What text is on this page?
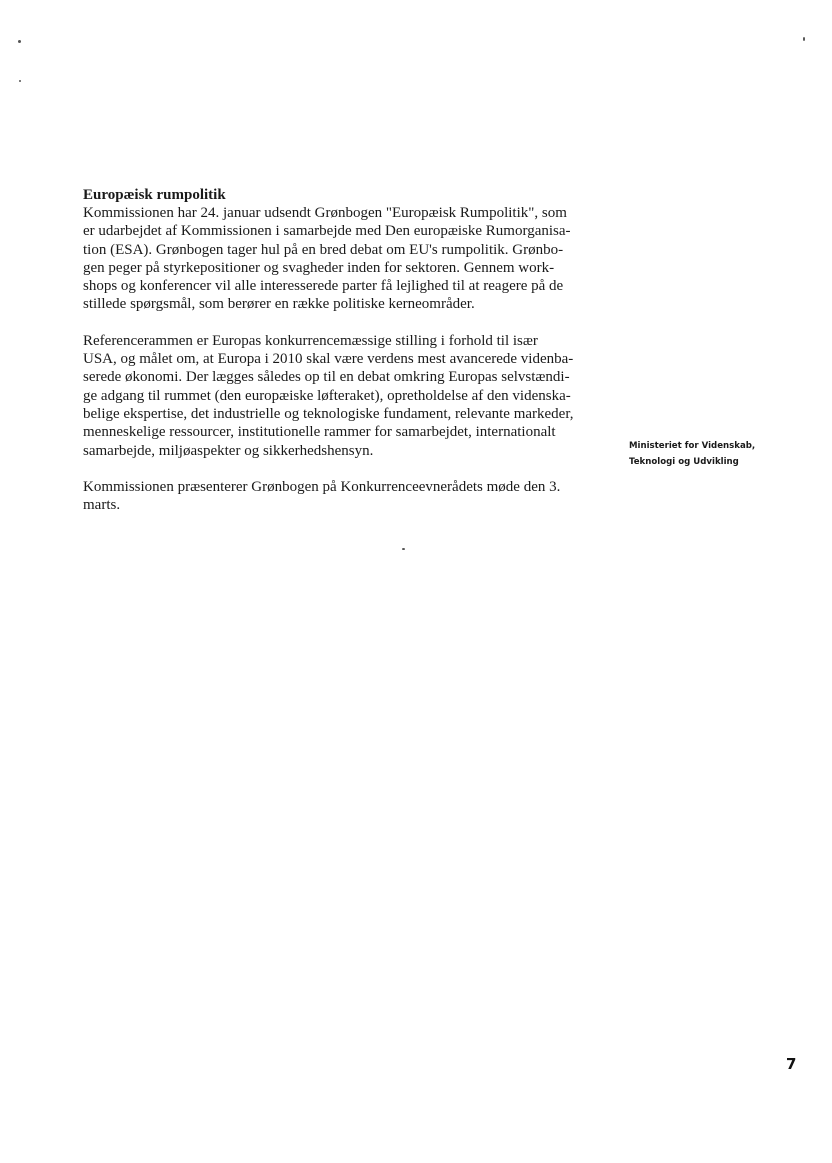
Europæisk rumpolitik

Kommissionen har 24. januar udsendt Grønbogen "Europæisk Rumpolitik", som
er udarbejdet af Kommissionen i samarbejde med Den europæiske Rumorganisa-
tion (ESA). Grønbogen tager hul på en bred debat om EU's rumpolitik. Grønbo-
gen peger på styrkepositioner og svagheder inden for sektoren. Gennem work-
shops og konferencer vil alle interesserede parter få lejlighed til at reagere på de
stillede spørgsmål, som berører en række politiske kerneområder.

Referencerammen er Europas konkurrencemæssige stilling i forhold til især
USA, og målet om, at Europa i 2010 skal være verdens mest avancerede videnba-
serede økonomi. Der lægges således op til en debat omkring Europas selvstændi-
ge adgang til rummet (den europæiske løfteraket), opretholdelse af den videnska-
belige ekspertise, det industrielle og teknologiske fundament, relevante markeder,
menneskelige ressourcer, institutionelle rammer for samarbejdet, internationalt
samarbejde, miljøaspekter og sikkerhedshensyn.

Kommissionen præsenterer Grønbogen på Konkurrenceevnerådets møde den 3.
marts.

Ministeriet for Videnskab,
Teknologi og Udvikling
7
